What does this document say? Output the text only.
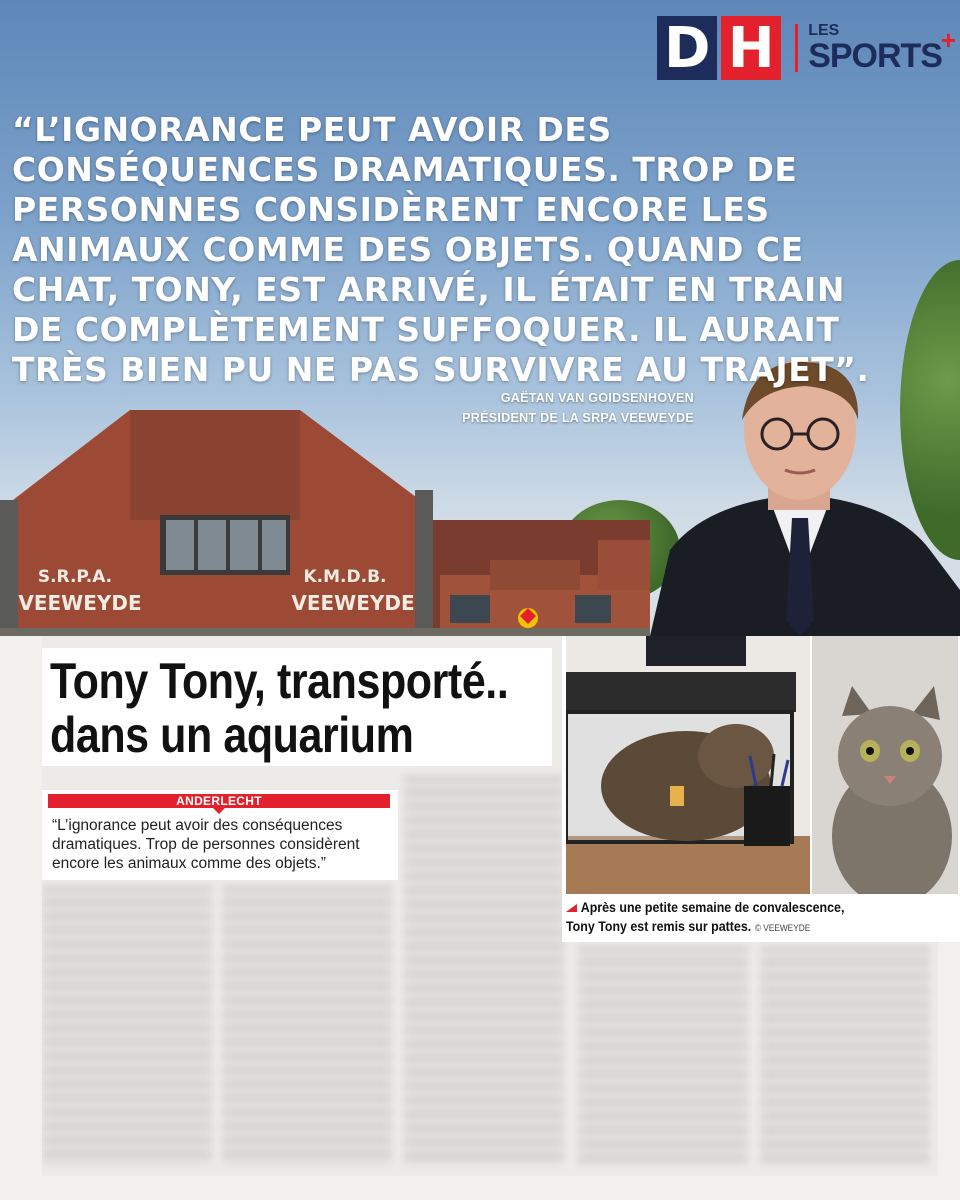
S.R.P.A.
VEEWEYDE
K.M.D.B.
VEEWEYDE
D H	LES
SPORTS
+
“L’IGNORANCE PEUT AVOIR DES CONSÉQUENCES DRAMATIQUES. TROP DE PERSONNES CONSIDÈRENT ENCORE LES ANIMAUX COMME DES OBJETS. QUAND CE CHAT, TONY, EST ARRIVÉ, IL ÉTAIT EN TRAIN DE COMPLÈTEMENT SUFFOQUER. IL AURAIT TRÈS BIEN PU NE PAS SURVIVRE AU TRAJET”.
GAËTAN VAN GOIDSENHOVEN
PRÉSIDENT DE LA SRPA VEEWEYDE
Tony Tony, transporté..
dans un aquarium
ANDERLECHT
“L’ignorance peut avoir des conséquences dramatiques. Trop de personnes considèrent encore les animaux comme des objets.”
Après une petite semaine de convalescence,
Tony Tony est remis sur pattes. © VEEWEYDE
